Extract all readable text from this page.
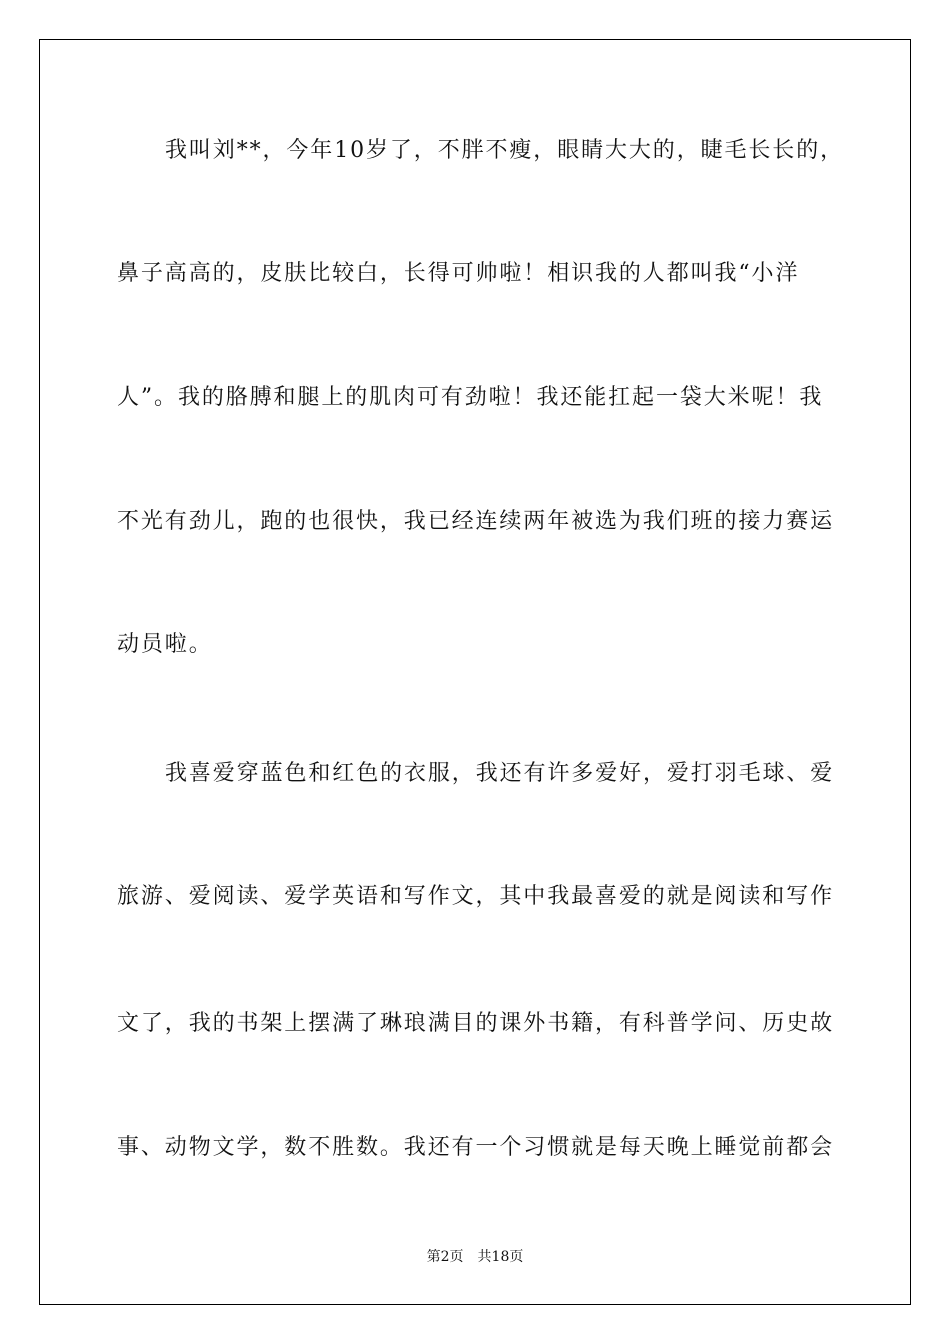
我叫刘**，今年10岁了，不胖不瘦，眼睛大大的，睫毛长长的，

鼻子高高的，皮肤比较白，长得可帅啦！相识我的人都叫我“小洋

人”。我的胳膊和腿上的肌肉可有劲啦！我还能扛起一袋大米呢！我

不光有劲儿，跑的也很快，我已经连续两年被选为我们班的接力赛运

动员啦。

我喜爱穿蓝色和红色的衣服，我还有许多爱好，爱打羽毛球、爱

旅游、爱阅读、爱学英语和写作文，其中我最喜爱的就是阅读和写作

文了，我的书架上摆满了琳琅满目的课外书籍，有科普学问、历史故

事、动物文学，数不胜数。我还有一个习惯就是每天晚上睡觉前都会

第2页 共18页
